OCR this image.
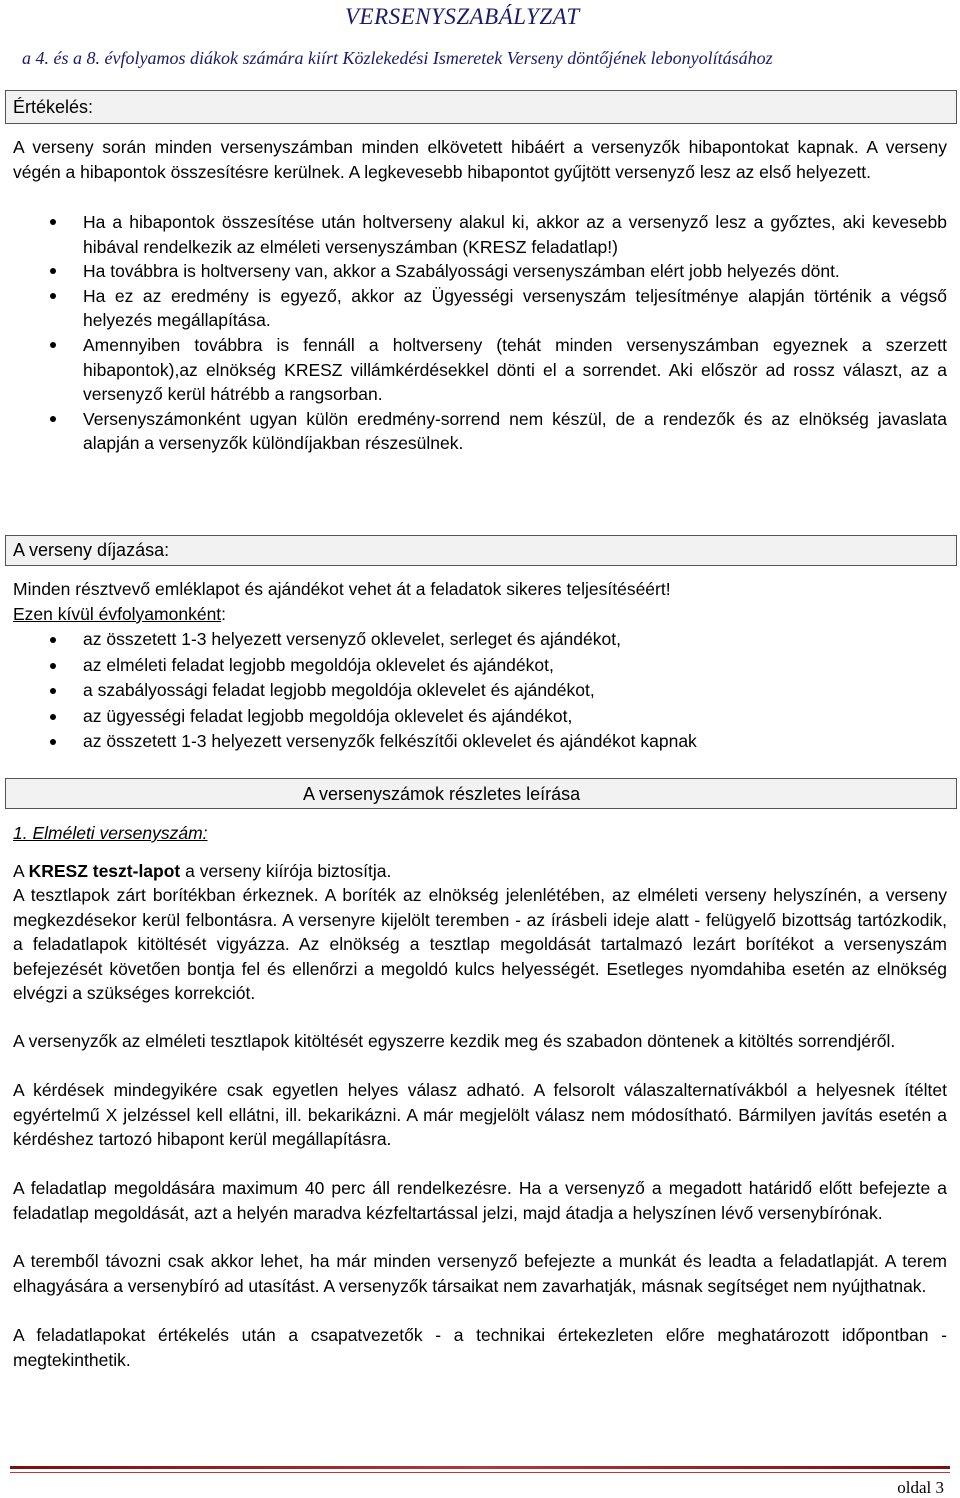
VERSENYSZABÁLYZAT
a 4. és a 8. évfolyamos diákok számára kiírt Közlekedési Ismeretek Verseny döntőjének lebonyolításához
Értékelés:

A verseny során minden versenyszámban minden elkövetett hibáért a versenyzők hibapontokat kapnak. A verseny végén a hibapontok összesítésre kerülnek. A legkevesebb hibapontot gyűjtött versenyző lesz az első helyezett.

Ha a hibapontok összesítése után holtverseny alakul ki, akkor az a versenyző lesz a győztes, aki kevesebb hibával rendelkezik az elméleti versenyszámban (KRESZ feladatlap!)
Ha továbbra is holtverseny van, akkor a Szabályossági versenyszámban elért jobb helyezés dönt.
Ha ez az eredmény is egyező, akkor az Ügyességi versenyszám teljesítménye alapján történik a végső helyezés megállapítása.
Amennyiben továbbra is fennáll a holtverseny (tehát minden versenyszámban egyeznek a szerzett hibapontok),az elnökség KRESZ villámkérdésekkel dönti el a sorrendet. Aki először ad rossz választ, az a versenyző kerül hátrébb a rangsorban.
Versenyszámonként ugyan külön eredmény-sorrend nem készül, de a rendezők és az elnökség javaslata alapján a versenyzők különdíjakban részesülnek.
A verseny díjazása:

Minden résztvevő emléklapot és ajándékot vehet át a feladatok sikeres teljesítéséért!

Ezen kívül évfolyamonként:

az összetett 1-3 helyezett versenyző oklevelet, serleget és ajándékot,
az elméleti feladat legjobb megoldója oklevelet és ajándékot,
a szabályossági feladat legjobb megoldója oklevelet és ajándékot,
az ügyességi feladat legjobb megoldója oklevelet és ajándékot,
az összetett 1-3 helyezett versenyzők felkészítői oklevelet és ajándékot kapnak
A versenyszámok részletes leírása
1. Elméleti versenyszám:

A KRESZ teszt-lapot a verseny kiírója biztosítja.

A tesztlapok zárt borítékban érkeznek. A boríték az elnökség jelenlétében, az elméleti verseny helyszínén, a verseny megkezdésekor kerül felbontásra. A versenyre kijelölt teremben - az írásbeli ideje alatt - felügyelő bizottság tartózkodik, a feladatlapok kitöltését vigyázza. Az elnökség a tesztlap megoldását tartalmazó lezárt borítékot a versenyszám befejezését követően bontja fel és ellenőrzi a megoldó kulcs helyességét. Esetleges nyomdahiba esetén az elnökség elvégzi a szükséges korrekciót.

A versenyzők az elméleti tesztlapok kitöltését egyszerre kezdik meg és szabadon döntenek a kitöltés sorrendjéről.

A kérdések mindegyikére csak egyetlen helyes válasz adható. A felsorolt válaszalternatívákból a helyesnek ítéltet egyértelmű X jelzéssel kell ellátni, ill. bekarikázni. A már megjelölt válasz nem módosítható. Bármilyen javítás esetén a kérdéshez tartozó hibapont kerül megállapításra.

A feladatlap megoldására maximum 40 perc áll rendelkezésre. Ha a versenyző a megadott határidő előtt befejezte a feladatlap megoldását, azt a helyén maradva kézfeltartással jelzi, majd átadja a helyszínen lévő versenybírónak.

A teremből távozni csak akkor lehet, ha már minden versenyző befejezte a munkát és leadta a feladatlapját. A terem elhagyására a versenybíró ad utasítást. A versenyzők társaikat nem zavarhatják, másnak segítséget nem nyújthatnak.

A feladatlapokat értékelés után a csapatvezetők - a technikai értekezleten előre meghatározott időpontban - megtekinthetik.

oldal 3
